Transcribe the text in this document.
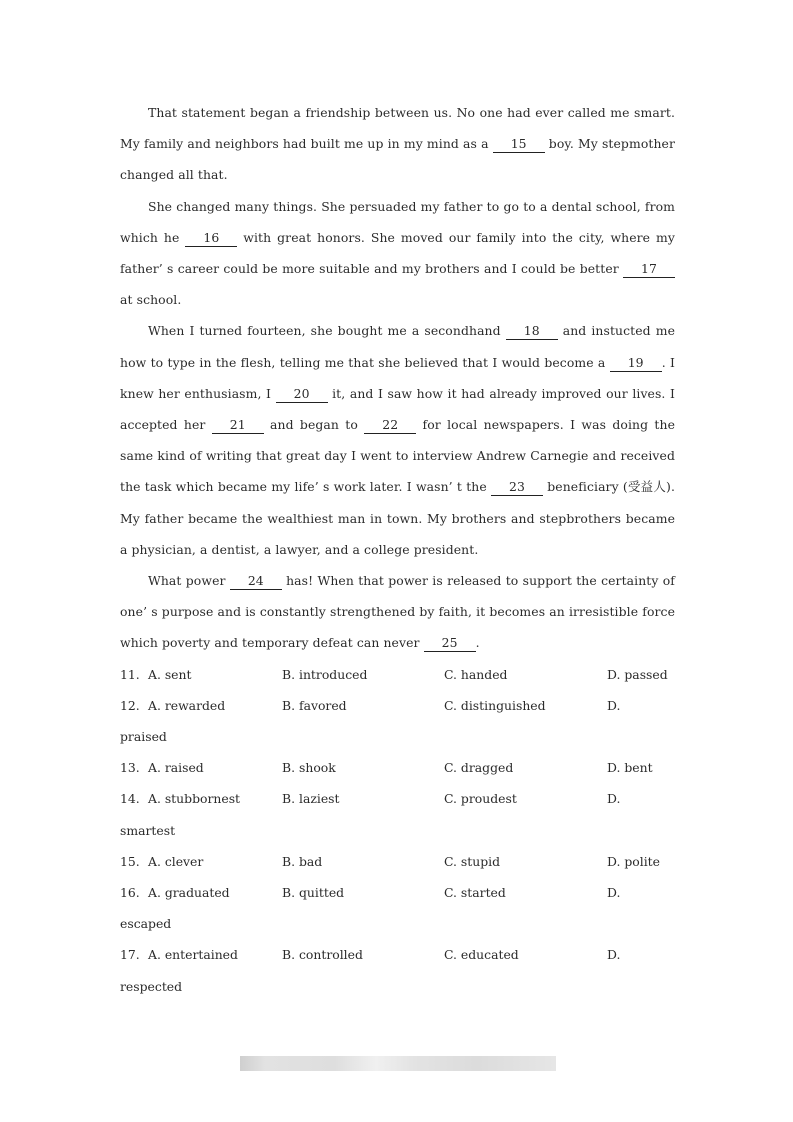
That statement began a friendship between us. No one had ever called me smart. My family and neighbors had built me up in my mind as a 15 boy. My stepmother changed all that.

She changed many things. She persuaded my father to go to a dental school, from which he 16 with great honors. She moved our family into the city, where my father’ s career could be more suitable and my brothers and I could be better 17 at school.

When I turned fourteen, she bought me a secondhand 18 and instucted me how to type in the flesh, telling me that she believed that I would become a 19 . I knew her enthusiasm, I 20 it, and I saw how it had already improved our lives. I accepted her 21 and began to 22 for local newspapers. I was doing the same kind of writing that great day I went to interview Andrew Carnegie and received the task which became my life’ s work later. I wasn’ t the 23 beneficiary (受益人). My father became the wealthiest man in town. My brothers and stepbrothers became a physician, a dentist, a lawyer, and a college president.

What power 24 has! When that power is released to support the certainty of one’ s purpose and is constantly strengthened by faith, it becomes an irresistible force which poverty and temporary defeat can never 25 .

11. A. sent	B. introduced	C. handed	D. passed
12. A. rewarded	B. favored	C. distinguished	D.
praised
13. A. raised	B. shook	C. dragged	D. bent
14. A. stubbornest	B. laziest	C. proudest	D.
smartest
15. A. clever	B. bad	C. stupid	D. polite
16. A. graduated	B. quitted	C. started	D.
escaped
17. A. entertained	B. controlled	C. educated	D.
respected
